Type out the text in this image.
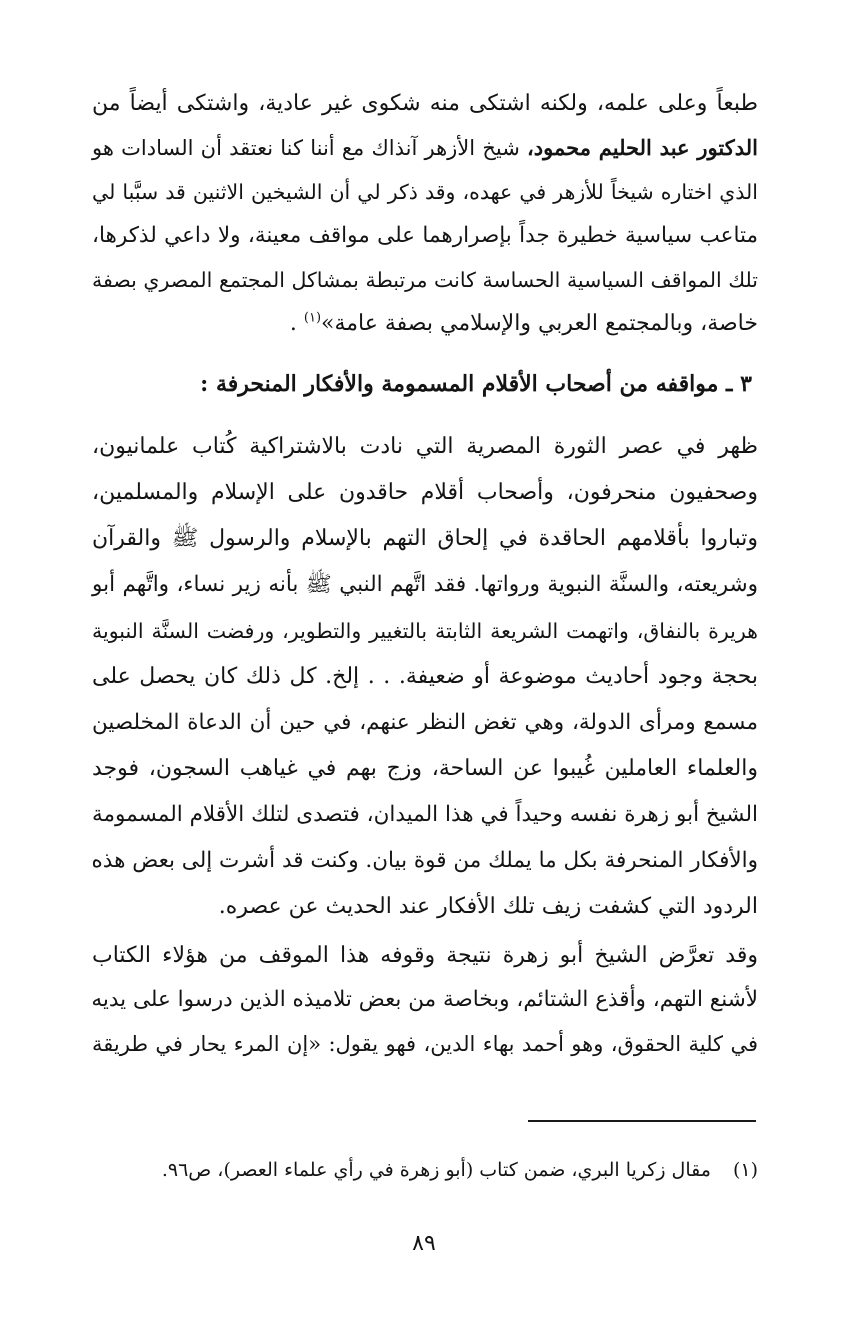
طبعاً وعلى علمه، ولكنه اشتكى منه شكوى غير عادية، واشتكى أيضاً من
الدكتور عبد الحليم محمود، شيخ الأزهر آنذاك مع أننا كنا نعتقد أن السادات هو
الذي اختاره شيخاً للأزهر في عهده، وقد ذكر لي أن الشيخين الاثنين قد سبَّبا لي
متاعب سياسية خطيرة جداً بإصرارهما على مواقف معينة، ولا داعي لذكرها،
تلك المواقف السياسية الحساسة كانت مرتبطة بمشاكل المجتمع المصري بصفة
خاصة، وبالمجتمع العربي والإسلامي بصفة عامة»$^{(١)}$ .
٣ ـ مواقفه من أصحاب الأقلام المسمومة والأفكار المنحرفة :
ظهر في عصر الثورة المصرية التي نادت بالاشتراكية كُتاب علمانيون،
وصحفيون منحرفون، وأصحاب أقلام حاقدون على الإسلام والمسلمين،
وتباروا بأقلامهم الحاقدة في إلحاق التهم بالإسلام والرسول ﷺ والقرآن
وشريعته، والسنَّة النبوية ورواتها. فقد اتَّهم النبي ﷺ بأنه زير نساء، واتَّهم أبو
هريرة بالنفاق، واتهمت الشريعة الثابتة بالتغيير والتطوير، ورفضت السنَّة النبوية
بحجة وجود أحاديث موضوعة أو ضعيفة. . . إلخ. كل ذلك كان يحصل على
مسمع ومرأى الدولة، وهي تغض النظر عنهم، في حين أن الدعاة المخلصين
والعلماء العاملين غُيبوا عن الساحة، وزج بهم في غياهب السجون، فوجد
الشيخ أبو زهرة نفسه وحيداً في هذا الميدان، فتصدى لتلك الأقلام المسمومة
والأفكار المنحرفة بكل ما يملك من قوة بيان. وكنت قد أشرت إلى بعض هذه
الردود التي كشفت زيف تلك الأفكار عند الحديث عن عصره.
وقد تعرَّض الشيخ أبو زهرة نتيجة وقوفه هذا الموقف من هؤلاء الكتاب
لأشنع التهم، وأقذع الشتائم، وبخاصة من بعض تلاميذه الذين درسوا على يديه
في كلية الحقوق، وهو أحمد بهاء الدين، فهو يقول: «إن المرء يحار في طريقة
(١)مقال زكريا البري، ضمن كتاب (أبو زهرة في رأي علماء العصر)، ص٩٦.
٨٩
